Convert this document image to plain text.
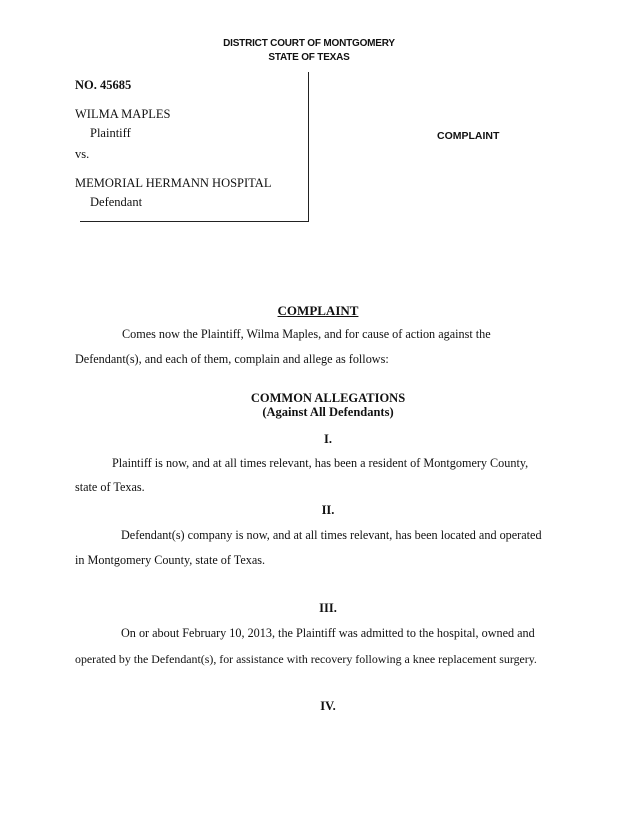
DISTRICT COURT OF MONTGOMERY
STATE OF TEXAS
NO. 45685
WILMA MAPLES
Plaintiff
vs.
MEMORIAL HERMANN HOSPITAL
Defendant
COMPLAINT
COMPLAINT
Comes now the Plaintiff, Wilma Maples, and for cause of action against the
Defendant(s), and each of them, complain and allege as follows:
COMMON ALLEGATIONS
(Against All Defendants)
I.
Plaintiff is now, and at all times relevant, has been a resident of Montgomery County,
state of Texas.
II.
Defendant(s) company is now, and at all times relevant, has been located and operated
in Montgomery County, state of Texas.
III.
On or about February 10, 2013, the Plaintiff was admitted to the hospital, owned and
operated by the Defendant(s), for assistance with recovery following a knee replacement surgery.
IV.
